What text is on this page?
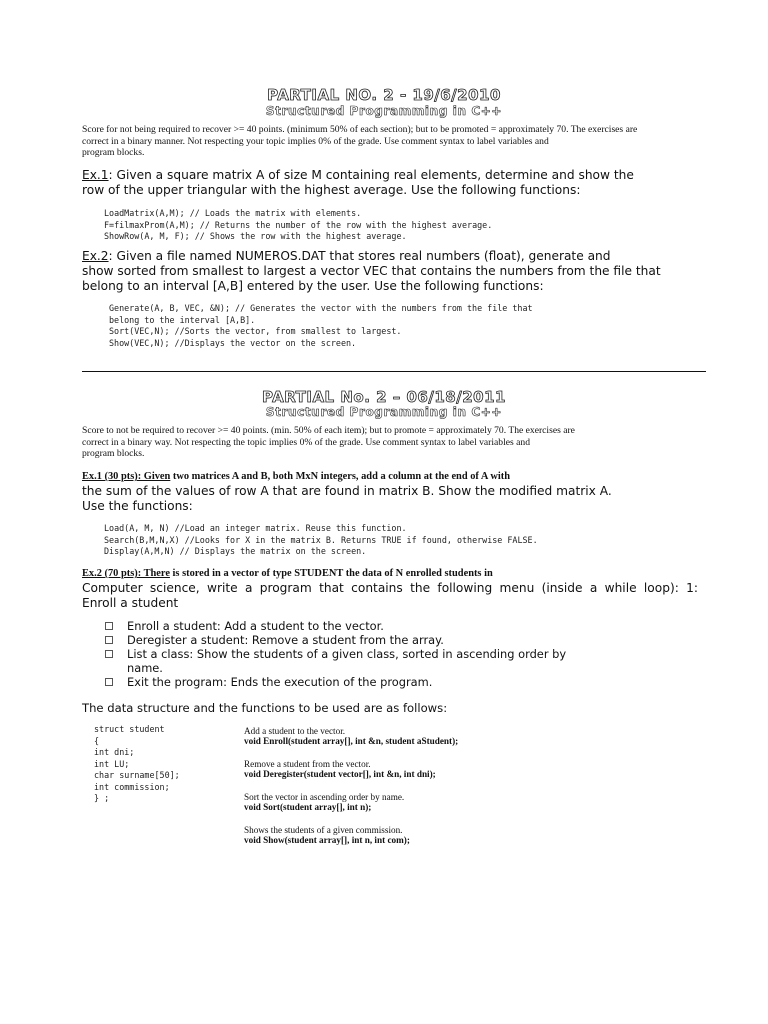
PARTIAL NO. 2 - 19/6/2010
Structured Programming in C++
Score for not being required to recover >= 40 points. (minimum 50% of each section); but to be promoted = approximately 70. The exercises are
correct in a binary manner. Not respecting your topic implies 0% of the grade. Use comment syntax to label variables and
program blocks.
Ex.1: Given a square matrix A of size M containing real elements, determine and show the
row of the upper triangular with the highest average. Use the following functions:
LoadMatrix(A,M); // Loads the matrix with elements.
F=filmaxProm(A,M); // Returns the number of the row with the highest average.
ShowRow(A, M, F); // Shows the row with the highest average.
Ex.2: Given a file named NUMEROS.DAT that stores real numbers (float), generate and
show sorted from smallest to largest a vector VEC that contains the numbers from the file that
belong to an interval [A,B] entered by the user. Use the following functions:
Generate(A, B, VEC, &N); // Generates the vector with the numbers from the file that
belong to the interval [A,B].
Sort(VEC,N); //Sorts the vector, from smallest to largest.
Show(VEC,N); //Displays the vector on the screen.
PARTIAL No. 2 – 06/18/2011
Structured Programming in C++
Score to not be required to recover >= 40 points. (min. 50% of each item); but to promote = approximately 70. The exercises are
correct in a binary way. Not respecting the topic implies 0% of the grade. Use comment syntax to label variables and
program blocks.
Ex.1 (30 pts): Given two matrices A and B, both MxN integers, add a column at the end of A with
the sum of the values of row A that are found in matrix B. Show the modified matrix A.
Use the functions:
Load(A, M, N) //Load an integer matrix. Reuse this function.
Search(B,M,N,X) //Looks for X in the matrix B. Returns TRUE if found, otherwise FALSE.
Display(A,M,N) // Displays the matrix on the screen.
Ex.2 (70 pts): There is stored in a vector of type STUDENT the data of N enrolled students in
Computer science, write a program that contains the following menu (inside a while loop): 1:
Enroll a student
Enroll a student: Add a student to the vector.
Deregister a student: Remove a student from the array.
List a class: Show the students of a given class, sorted in ascending order by name.
Exit the program: Ends the execution of the program.
The data structure and the functions to be used are as follows:
struct student
{
int dni;
int LU;
char surname[50];
int commission;
} ;
Add a student to the vector.
void Enroll(student array[], int &n, student aStudent);
Remove a student from the vector.
void Deregister(student vector[], int &n, int dni);
Sort the vector in ascending order by name.
void Sort(student array[], int n);
Shows the students of a given commission.
void Show(student array[], int n, int com);
